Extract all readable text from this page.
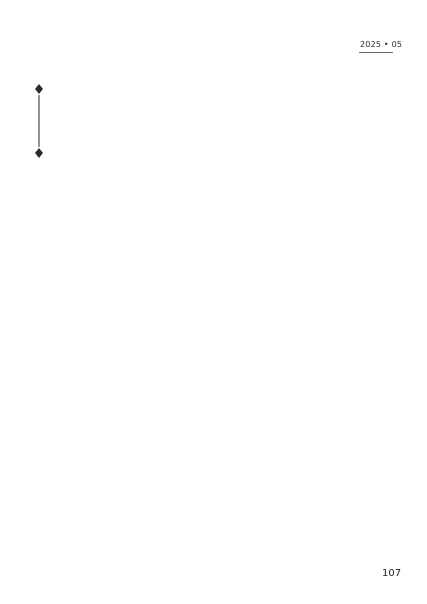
2025 • 05
107
